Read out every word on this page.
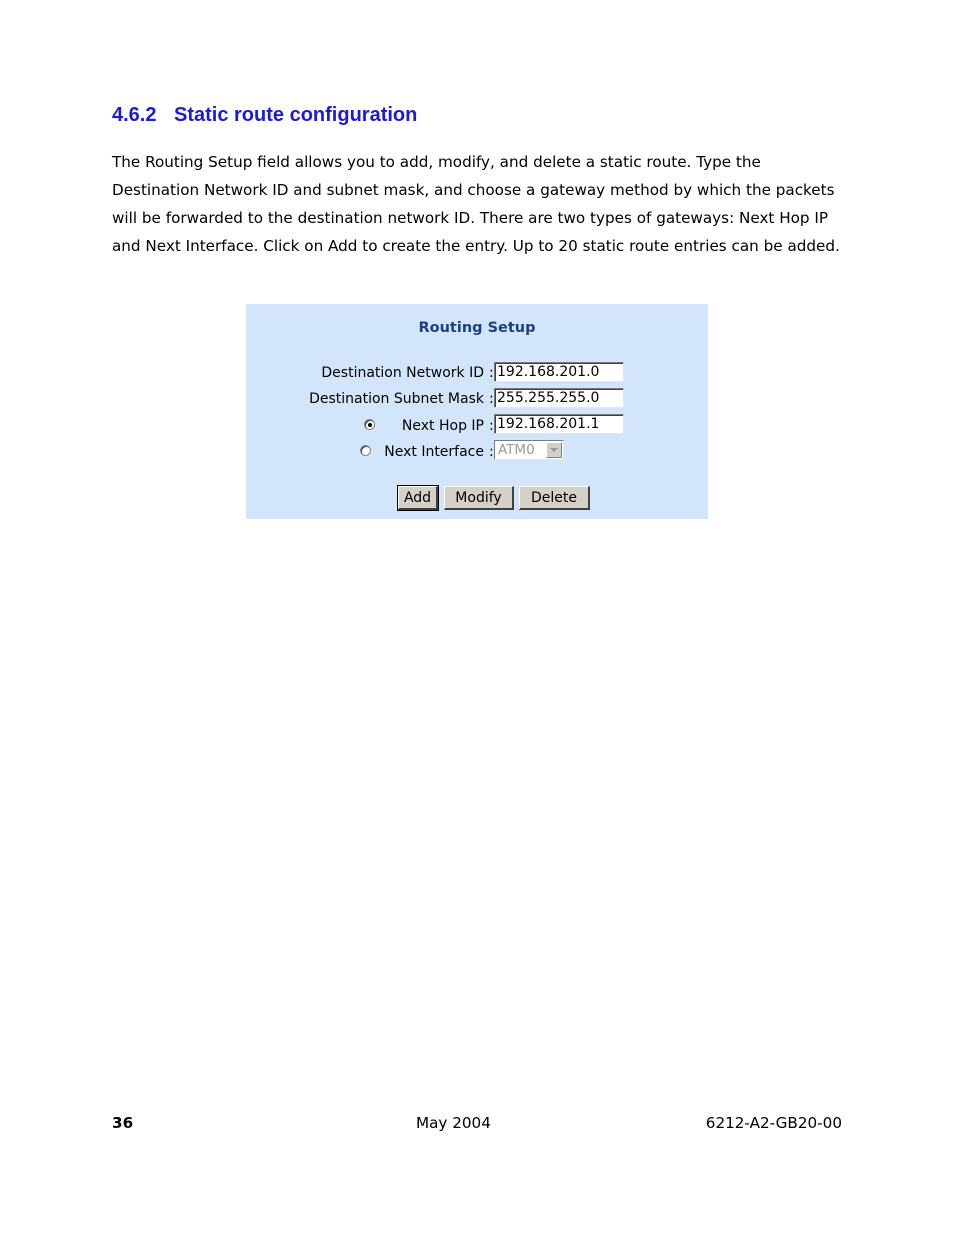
4.6.2 Static route configuration
The Routing Setup field allows you to add, modify, and delete a static route. Type the
Destination Network ID and subnet mask, and choose a gateway method by which the packets
will be forwarded to the destination network ID. There are two types of gateways: Next Hop IP
and Next Interface. Click on Add to create the entry. Up to 20 static route entries can be added.
Routing Setup
Destination Network ID :
192.168.201.0
Destination Subnet Mask :
255.255.255.0
Next Hop IP :
192.168.201.1
Next Interface : ATM0
Add	Modify	Delete
36	May 2004	6212-A2-GB20-00
